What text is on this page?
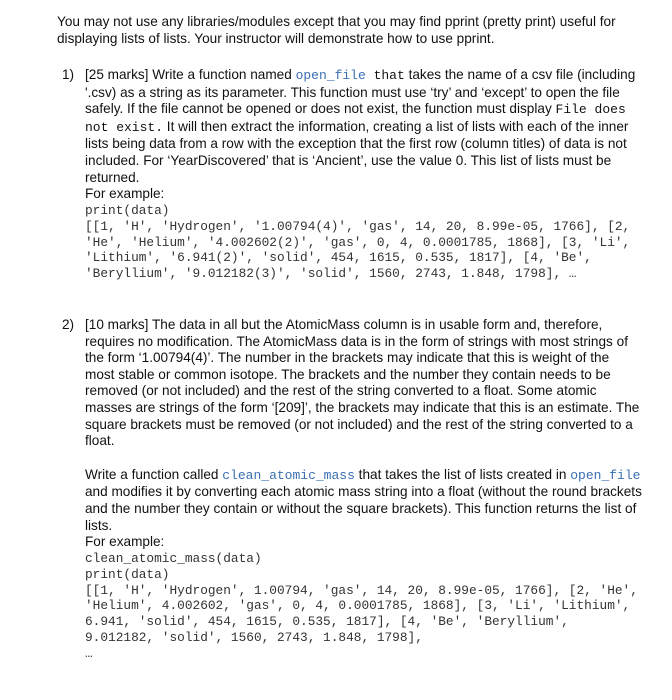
You may not use any libraries/modules except that you may find pprint (pretty print) useful for displaying lists of lists. Your instructor will demonstrate how to use pprint.

1) [25 marks] Write a function named open_file that takes the name of a csv file (including '.csv) as a string as its parameter. This function must use ‘try’ and ‘except’ to open the file safely. If the file cannot be opened or does not exist, the function must display File does not exist. It will then extract the information, creating a list of lists with each of the inner lists being data from a row with the exception that the first row (column titles) of data is not included. For ‘YearDiscovered’ that is ‘Ancient’, use the value 0. This list of lists must be returned.

For example:

print(data)
[[1, 'H', 'Hydrogen', '1.00794(4)', 'gas', 14, 20, 8.99e-05, 1766], [2, 'He', 'Helium', '4.002602(2)', 'gas', 0, 4, 0.0001785, 1868], [3, 'Li', 'Lithium', '6.941(2)', 'solid', 454, 1615, 0.535, 1817], [4, 'Be', 'Beryllium', '9.012182(3)', 'solid', 1560, 2743, 1.848, 1798], …
2) [10 marks] The data in all but the AtomicMass column is in usable form and, therefore, requires no modification. The AtomicMass data is in the form of strings with most strings of the form ‘1.00794(4)’. The number in the brackets may indicate that this is weight of the most stable or common isotope. The brackets and the number they contain needs to be removed (or not included) and the rest of the string converted to a float. Some atomic masses are strings of the form ‘[209]’, the brackets may indicate that this is an estimate. The square brackets must be removed (or not included) and the rest of the string converted to a float.

Write a function called clean_atomic_mass that takes the list of lists created in open_file and modifies it by converting each atomic mass string into a float (without the round brackets and the number they contain or without the square brackets). This function returns the list of lists.

For example:

clean_atomic_mass(data)
print(data)
[[1, 'H', 'Hydrogen', 1.00794, 'gas', 14, 20, 8.99e-05, 1766], [2, 'He', 'Helium', 4.002602, 'gas', 0, 4, 0.0001785, 1868], [3, 'Li', 'Lithium', 6.941, 'solid', 454, 1615, 0.535, 1817], [4, 'Be', 'Beryllium', 9.012182, 'solid', 1560, 2743, 1.848, 1798],
…
